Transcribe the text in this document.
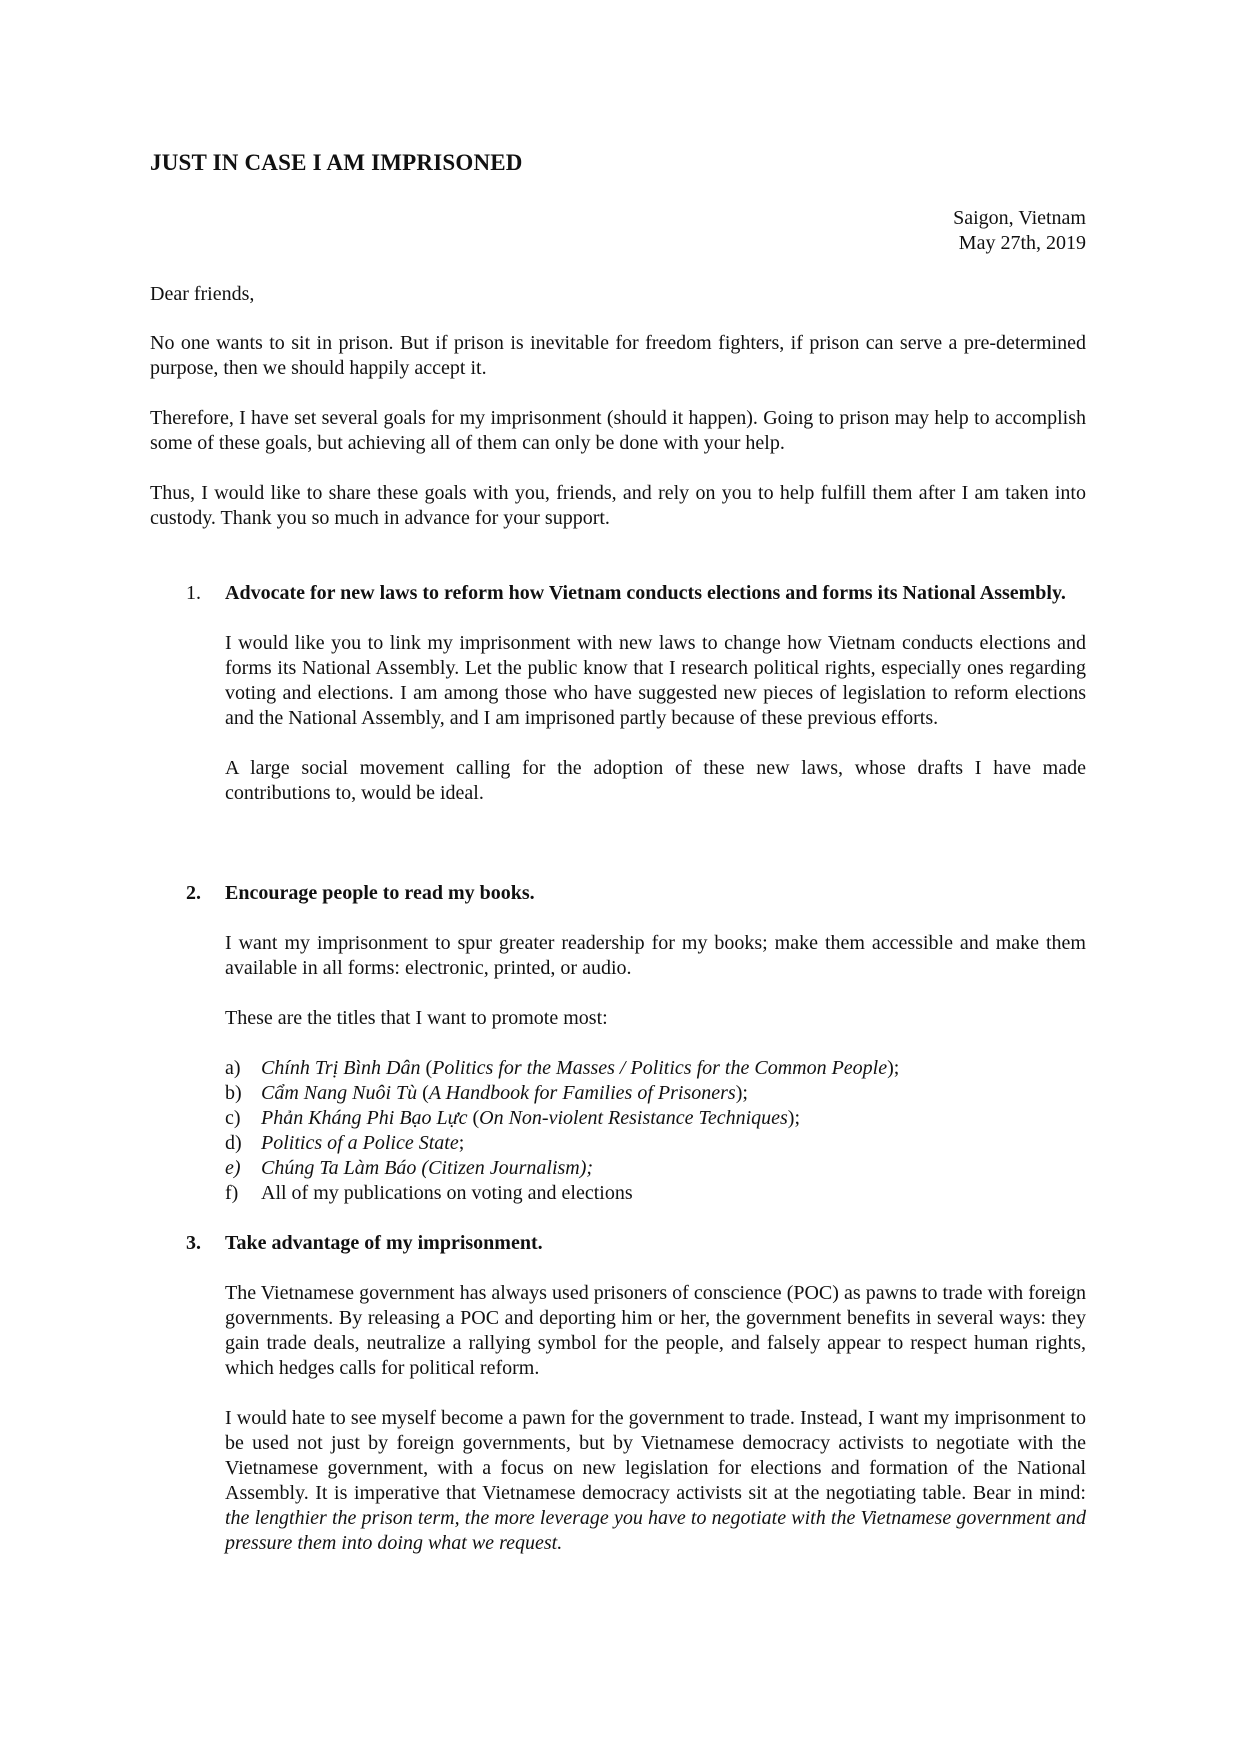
JUST IN CASE I AM IMPRISONED
Saigon, Vietnam
May 27th, 2019
Dear friends,

No one wants to sit in prison. But if prison is inevitable for freedom fighters, if prison can serve a pre-determined purpose, then we should happily accept it.

Therefore, I have set several goals for my imprisonment (should it happen). Going to prison may help to accomplish some of these goals, but achieving all of them can only be done with your help.

Thus, I would like to share these goals with you, friends, and rely on you to help fulfill them after I am taken into custody. Thank you so much in advance for your support.

1. Advocate for new laws to reform how Vietnam conducts elections and forms its National Assembly.

I would like you to link my imprisonment with new laws to change how Vietnam conducts elections and forms its National Assembly. Let the public know that I research political rights, especially ones regarding voting and elections. I am among those who have suggested new pieces of legislation to reform elections and the National Assembly, and I am imprisoned partly because of these previous efforts.

A large social movement calling for the adoption of these new laws, whose drafts I have made contributions to, would be ideal.

2. Encourage people to read my books.

I want my imprisonment to spur greater readership for my books; make them accessible and make them available in all forms: electronic, printed, or audio.

These are the titles that I want to promote most:

a) Chính Trị Bình Dân (Politics for the Masses / Politics for the Common People);
b) Cẩm Nang Nuôi Tù (A Handbook for Families of Prisoners);
c) Phản Kháng Phi Bạo Lực (On Non-violent Resistance Techniques);
d) Politics of a Police State;
e) Chúng Ta Làm Báo (Citizen Journalism);
f) All of my publications on voting and elections
3. Take advantage of my imprisonment.

The Vietnamese government has always used prisoners of conscience (POC) as pawns to trade with foreign governments. By releasing a POC and deporting him or her, the government benefits in several ways: they gain trade deals, neutralize a rallying symbol for the people, and falsely appear to respect human rights, which hedges calls for political reform.

I would hate to see myself become a pawn for the government to trade. Instead, I want my imprisonment to be used not just by foreign governments, but by Vietnamese democracy activists to negotiate with the Vietnamese government, with a focus on new legislation for elections and formation of the National Assembly. It is imperative that Vietnamese democracy activists sit at the negotiating table. Bear in mind: the lengthier the prison term, the more leverage you have to negotiate with the Vietnamese government and pressure them into doing what we request.
